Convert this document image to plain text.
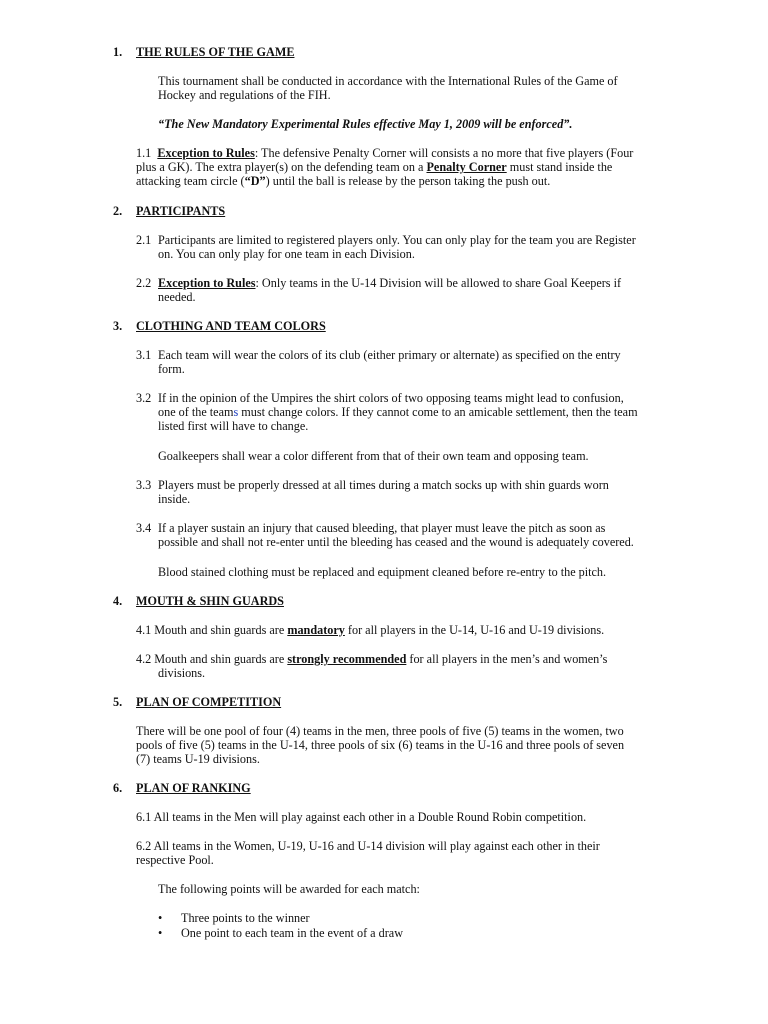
1. THE RULES OF THE GAME
This tournament shall be conducted in accordance with the International Rules of the Game of
Hockey and regulations of the FIH.
“The New Mandatory Experimental Rules effective May 1, 2009 will be enforced”.
1.1 Exception to Rules: The defensive Penalty Corner will consists a no more that five players (Four
plus a GK). The extra player(s) on the defending team on a Penalty Corner must stand inside the
attacking team circle (“D”) until the ball is release by the person taking the push out.
2. PARTICIPANTS
2.1 Participants are limited to registered players only. You can only play for the team you are Register
on. You can only play for one team in each Division.
2.2 Exception to Rules: Only teams in the U-14 Division will be allowed to share Goal Keepers if
needed.
3. CLOTHING AND TEAM COLORS
3.1 Each team will wear the colors of its club (either primary or alternate) as specified on the entry
form.
3.2 If in the opinion of the Umpires the shirt colors of two opposing teams might lead to confusion,
one of the teams must change colors. If they cannot come to an amicable settlement, then the team
listed first will have to change.
Goalkeepers shall wear a color different from that of their own team and opposing team.
3.3 Players must be properly dressed at all times during a match socks up with shin guards worn
inside.
3.4 If a player sustain an injury that caused bleeding, that player must leave the pitch as soon as
possible and shall not re-enter until the bleeding has ceased and the wound is adequately covered.
Blood stained clothing must be replaced and equipment cleaned before re-entry to the pitch.
4. MOUTH & SHIN GUARDS
4.1 Mouth and shin guards are mandatory for all players in the U-14, U-16 and U-19 divisions.
4.2 Mouth and shin guards are strongly recommended for all players in the men’s and women’s
divisions.
5. PLAN OF COMPETITION
There will be one pool of four (4) teams in the men, three pools of five (5) teams in the women, two
pools of five (5) teams in the U-14, three pools of six (6) teams in the U-16 and three pools of seven
(7) teams U-19 divisions.
6. PLAN OF RANKING
6.1 All teams in the Men will play against each other in a Double Round Robin competition.
6.2 All teams in the Women, U-19, U-16 and U-14 division will play against each other in their
respective Pool.
The following points will be awarded for each match:
• Three points to the winner
• One point to each team in the event of a draw
